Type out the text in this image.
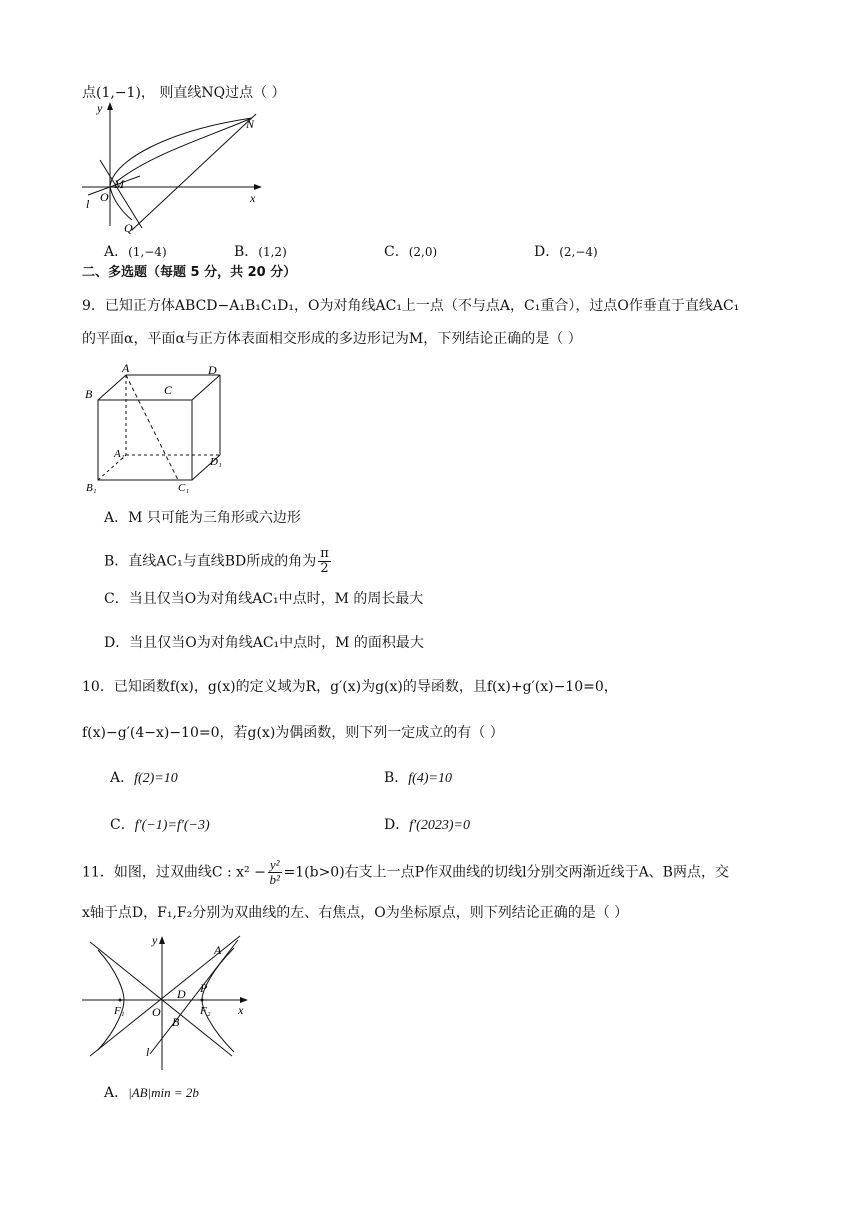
点(1,−1)， 则直线NQ过点（ ）
y
x
O
M
N
Q
l
A．(1,−4)	B．(1,2)	C．(2,0)	D．(2,−4)
二、多选题（每题 5 分，共 20 分）
9．已知正方体ABCD−A₁B₁C₁D₁，O为对角线AC₁上一点（不与点A，C₁重合），过点O作垂直于直线AC₁
的平面α，平面α与正方体表面相交形成的多边形记为M，下列结论正确的是（ ）
A
B	C
D
A₁
D₁
B₁	C₁
A．M 只可能为三角形或六边形
B．直线AC₁与直线BD所成的角为 $\frac{\pi}{2}$
C．当且仅当O为对角线AC₁中点时，M 的周长最大
D．当且仅当O为对角线AC₁中点时，M 的面积最大
10．已知函数f(x)，g(x)的定义域为R，g′(x)为g(x)的导函数，且f(x)+g′(x)−10=0，
f(x)−g′(4−x)−10=0，若g(x)为偶函数，则下列一定成立的有（ ）
A．f(2)=10	B．f(4)=10
C．f′(−1)=f′(−3)	D．f′(2023)=0
11．如图，过双曲线C : $x^2 - \frac{\text{y²}}{\text{b²}} =1(b>0)$右支上一点P作双曲线的切线l分别交两渐近线于A、B两点，交
x轴于点D，F₁,F₂分别为双曲线的左、右焦点，O为坐标原点，则下列结论正确的是（ ）
y
x
O
A
B
D P
F₁	F₂
l
A．|AB|min = 2b
